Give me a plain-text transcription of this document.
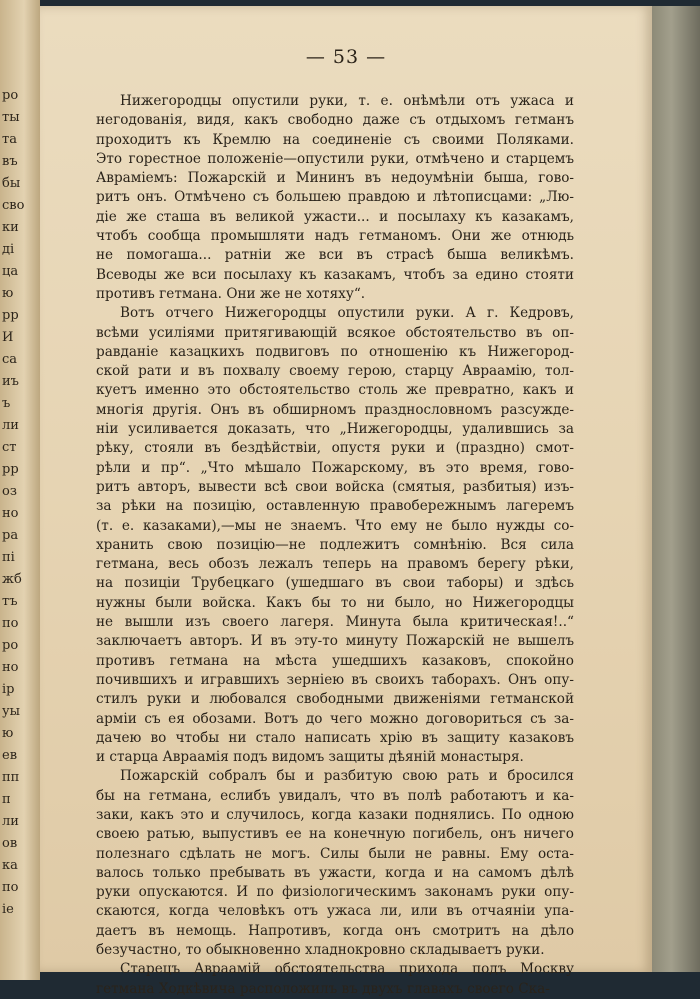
ро
ты
та
въ
бы
сво
ки
ді
ца
ю
рр
И
са
иъ
ъ
ли
ст
рр
оз
но
ра
пі
жб
тъ
по
ро
но
ір
уы
ю
ев
пп
п
ли
ов
ка
по
іе
— 53 —
Нижегородцы опустили руки, т. е. онѣмѣли отъ ужаса и
негодованія, видя, какъ свободно даже съ отдыхомъ гетманъ
проходитъ къ Кремлю на соединеніе съ своими Поляками.
Это горестное положеніе—опустили руки, отмѣчено и старцемъ
Авраміемъ: Пожарскій и Мининъ въ недоумѣніи быша, гово-
ритъ онъ. Отмѣчено съ большею правдою и лѣтописцами: „Лю-
діе же сташа въ великой ужасти... и посылаху къ казакамъ,
чтобъ сообща промышляти надъ гетманомъ. Они же отнюдь
не помогаша... ратніи же вси въ страсѣ быша великѣмъ.
Всеводы же вси посылаху къ казакамъ, чтобъ за едино стояти
противъ гетмана. Они же не хотяху“.
Вотъ отчего Нижегородцы опустили руки. А г. Кедровъ,
всѣми усиліями притягивающій всякое обстоятельство въ оп-
равданіе казацкихъ подвиговъ по отношенію къ Нижегород-
ской рати и въ похвалу своему герою, старцу Авраамію, тол-
куетъ именно это обстоятельство столь же превратно, какъ и
многія другія. Онъ въ обширномъ празднословномъ разсужде-
ніи усиливается доказать, что „Нижегородцы, удалившись за
рѣку, стояли въ бездѣйствіи, опустя руки и (праздно) смот-
рѣли и пр“. „Что мѣшало Пожарскому, въ это время, гово-
ритъ авторъ, вывести всѣ свои войска (смятыя, разбитыя) изъ-
за рѣки на позицію, оставленную правобережнымъ лагеремъ
(т. е. казаками),—мы не знаемъ. Что ему не было нужды со-
хранить свою позицію—не подлежитъ сомнѣнію. Вся сила
гетмана, весь обозъ лежалъ теперь на правомъ берегу рѣки,
на позиціи Трубецкаго (ушедшаго въ свои таборы) и здѣсь
нужны были войска. Какъ бы то ни было, но Нижегородцы
не вышли изъ своего лагеря. Минута была критическая!..“
заключаетъ авторъ. И въ эту-то минуту Пожарскій не вышелъ
противъ гетмана на мѣста ушедшихъ казаковъ, спокойно
почившихъ и игравшихъ зерніею въ своихъ таборахъ. Онъ опу-
стилъ руки и любовался свободными движеніями гетманской
арміи съ ея обозами. Вотъ до чего можно договориться съ за-
дачею во чтобы ни стало написать хрію въ защиту казаковъ
и старца Авраамія подъ видомъ защиты дѣяній монастыря.
Пожарскій собралъ бы и разбитую свою рать и бросился
бы на гетмана, еслибъ увидалъ, что въ полѣ работаютъ и ка-
заки, какъ это и случилось, когда казаки поднялись. По одною
своею ратью, выпустивъ ее на конечную погибель, онъ ничего
полезнаго сдѣлать не могъ. Силы были не равны. Ему оста-
валось только пребывать въ ужасти, когда и на самомъ дѣлѣ
руки опускаются. И по физіологическимъ законамъ руки опу-
скаются, когда человѣкъ отъ ужаса ли, или въ отчаяніи упа-
даетъ въ немощь. Напротивъ, когда онъ смотритъ на дѣло
безучастно, то обыкновенно хладнокровно складываетъ руки.
Старецъ Авраамій обстоятельства прихода подъ Москву
гетмана Ходкѣвича расположилъ въ двухъ главахъ своего Ска-
